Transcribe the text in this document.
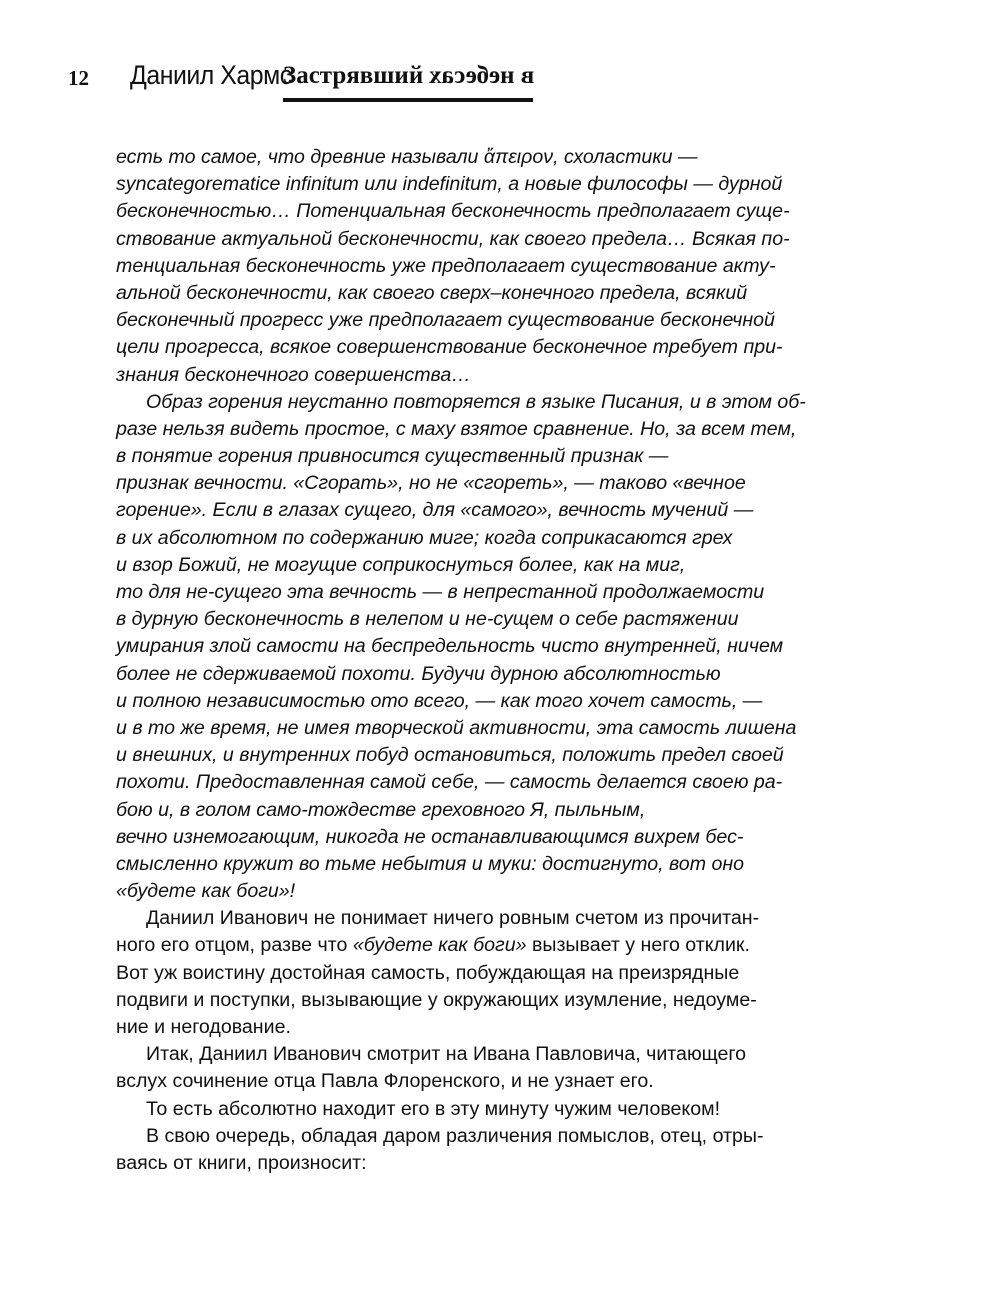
12 Даниил Хармс
Застрявший в небесах
есть то самое, что древние называли ἄπειρον, схоластики —
syncategorematice infinitum или indefinitum, а новые философы — дурной
бесконечностью… Потенциальная бесконечность предполагает суще-
ствование актуальной бесконечности, как своего предела… Всякая по-
тенциальная бесконечность уже предполагает существование акту-
альной бесконечности, как своего сверх–конечного предела, всякий
бесконечный прогресс уже предполагает существование бесконечной
цели прогресса, всякое совершенствование бесконечное требует при-
знания бесконечного совершенства…
Образ горения неустанно повторяется в языке Писания, и в этом об-
разе нельзя видеть простое, с маху взятое сравнение. Но, за всем тем,
в понятие горения привносится существенный признак —
признак вечности. «Сгорать», но не «сгореть», — таково «вечное
горение». Если в глазах сущего, для «самого», вечность мучений —
в их абсолютном по содержанию миге; когда соприкасаются грех
и взор Божий, не могущие соприкоснуться более, как на миг,
то для не-сущего эта вечность — в непрестанной продолжаемости
в дурную бесконечность в нелепом и не-сущем о себе растяжении
умирания злой самости на беспредельность чисто внутренней, ничем
более не сдерживаемой похоти. Будучи дурною абсолютностью
и полною независимостью ото всего, — как того хочет самость, —
и в то же время, не имея творческой активности, эта самость лишена
и внешних, и внутренних побуд остановиться, положить предел своей
похоти. Предоставленная самой себе, — самость делается своею ра-
бою и, в голом само-тождестве греховного Я, пыльным,
вечно изнемогающим, никогда не останавливающимся вихрем бес-
смысленно кружит во тьме небытия и муки: достигнуто, вот оно
«будете как боги»!
Даниил Иванович не понимает ничего ровным счетом из прочитан-
ного его отцом, разве что «будете как боги» вызывает у него отклик.
Вот уж воистину достойная самость, побуждающая на преизрядные
подвиги и поступки, вызывающие у окружающих изумление, недоуме-
ние и негодование.
Итак, Даниил Иванович смотрит на Ивана Павловича, читающего
вслух сочинение отца Павла Флоренского, и не узнает его.
То есть абсолютно находит его в эту минуту чужим человеком!
В свою очередь, обладая даром различения помыслов, отец, отры-
ваясь от книги, произносит:
